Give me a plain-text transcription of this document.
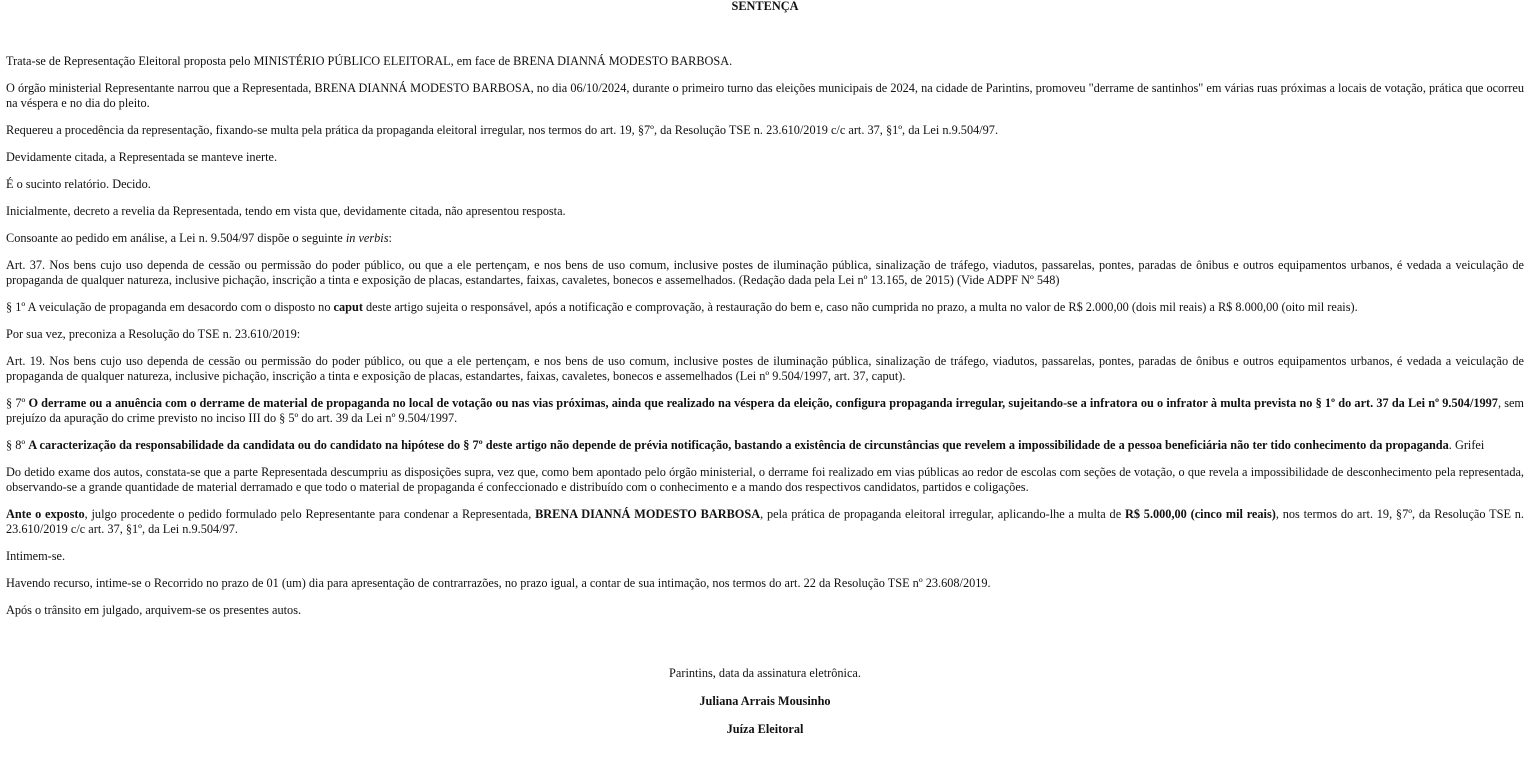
SENTENÇA

Trata-se de Representação Eleitoral proposta pelo MINISTÉRIO PÚBLICO ELEITORAL, em face de BRENA DIANNÁ MODESTO BARBOSA.

O órgão ministerial Representante narrou que a Representada, BRENA DIANNÁ MODESTO BARBOSA, no dia 06/10/2024, durante o primeiro turno das eleições municipais de 2024, na cidade de Parintins, promoveu "derrame de santinhos" em várias ruas próximas a locais de votação, prática que ocorreu na véspera e no dia do pleito.

Requereu a procedência da representação, fixando-se multa pela prática da propaganda eleitoral irregular, nos termos do art. 19, §7º, da Resolução TSE n. 23.610/2019 c/c art. 37, §1º, da Lei n.9.504/97.

Devidamente citada, a Representada se manteve inerte.

É o sucinto relatório. Decido.

Inicialmente, decreto a revelia da Representada, tendo em vista que, devidamente citada, não apresentou resposta.

Consoante ao pedido em análise, a Lei n. 9.504/97 dispõe o seguinte in verbis:

Art. 37. Nos bens cujo uso dependa de cessão ou permissão do poder público, ou que a ele pertençam, e nos bens de uso comum, inclusive postes de iluminação pública, sinalização de tráfego, viadutos, passarelas, pontes, paradas de ônibus e outros equipamentos urbanos, é vedada a veiculação de propaganda de qualquer natureza, inclusive pichação, inscrição a tinta e exposição de placas, estandartes, faixas, cavaletes, bonecos e assemelhados. (Redação dada pela Lei nº 13.165, de 2015) (Vide ADPF Nº 548)

§ 1º A veiculação de propaganda em desacordo com o disposto no caput deste artigo sujeita o responsável, após a notificação e comprovação, à restauração do bem e, caso não cumprida no prazo, a multa no valor de R$ 2.000,00 (dois mil reais) a R$ 8.000,00 (oito mil reais).

Por sua vez, preconiza a Resolução do TSE n. 23.610/2019:

Art. 19. Nos bens cujo uso dependa de cessão ou permissão do poder público, ou que a ele pertençam, e nos bens de uso comum, inclusive postes de iluminação pública, sinalização de tráfego, viadutos, passarelas, pontes, paradas de ônibus e outros equipamentos urbanos, é vedada a veiculação de propaganda de qualquer natureza, inclusive pichação, inscrição a tinta e exposição de placas, estandartes, faixas, cavaletes, bonecos e assemelhados (Lei nº 9.504/1997, art. 37, caput).

§ 7º O derrame ou a anuência com o derrame de material de propaganda no local de votação ou nas vias próximas, ainda que realizado na véspera da eleição, configura propaganda irregular, sujeitando-se a infratora ou o infrator à multa prevista no § 1º do art. 37 da Lei nº 9.504/1997, sem prejuízo da apuração do crime previsto no inciso III do § 5º do art. 39 da Lei nº 9.504/1997.

§ 8º A caracterização da responsabilidade da candidata ou do candidato na hipótese do § 7º deste artigo não depende de prévia notificação, bastando a existência de circunstâncias que revelem a impossibilidade de a pessoa beneficiária não ter tido conhecimento da propaganda. Grifei

Do detido exame dos autos, constata-se que a parte Representada descumpriu as disposições supra, vez que, como bem apontado pelo órgão ministerial, o derrame foi realizado em vias públicas ao redor de escolas com seções de votação, o que revela a impossibilidade de desconhecimento pela representada, observando-se a grande quantidade de material derramado e que todo o material de propaganda é confeccionado e distribuído com o conhecimento e a mando dos respectivos candidatos, partidos e coligações.

Ante o exposto, julgo procedente o pedido formulado pelo Representante para condenar a Representada, BRENA DIANNÁ MODESTO BARBOSA, pela prática de propaganda eleitoral irregular, aplicando-lhe a multa de R$ 5.000,00 (cinco mil reais), nos termos do art. 19, §7º, da Resolução TSE n. 23.610/2019 c/c art. 37, §1º, da Lei n.9.504/97.

Intimem-se.

Havendo recurso, intime-se o Recorrido no prazo de 01 (um) dia para apresentação de contrarrazões, no prazo igual, a contar de sua intimação, nos termos do art. 22 da Resolução TSE nº 23.608/2019.

Após o trânsito em julgado, arquivem-se os presentes autos.

Parintins, data da assinatura eletrônica.

Juliana Arrais Mousinho

Juíza Eleitoral
